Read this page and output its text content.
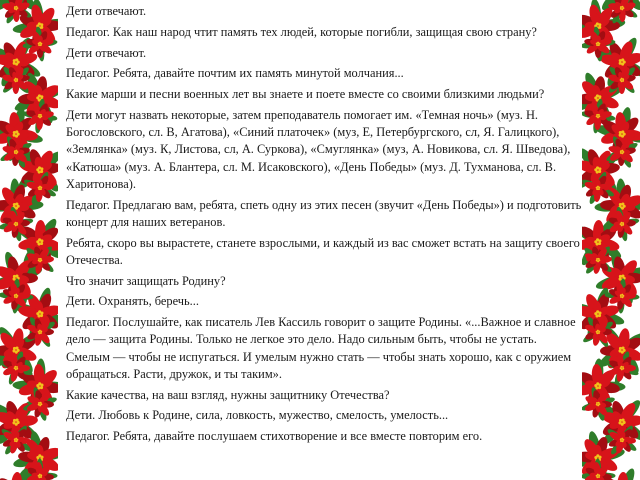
Дети отвечают.

Педагог. Как наш народ чтит память тех людей, которые погибли, защищая свою страну?

Дети отвечают.

Педагог. Ребята, давайте почтим их память минутой молчания...

Какие марши и песни военных лет вы знаете и поете вместе со своими близкими людьми?

Дети могут назвать некоторые, затем преподаватель помогает им. «Темная ночь» (муз. Н. Богословского, сл. В, Агатова), «Синий платочек» (муз, Е, Петербургского, сл, Я. Галицкого), «Землянка» (муз. К, Листова, сл, А. Суркова), «Смуглянка» (муз, А. Новикова, сл. Я. Шведова), «Катюша» (муз. А. Блантера, сл. М. Исаковского), «День Победы» (муз. Д. Тухманова, сл. В. Харитонова).

Педагог. Предлагаю вам, ребята, спеть одну из этих песен (звучит «День Победы») и подготовить концерт для наших ветеранов.

Ребята, скоро вы вырастете, станете взрослыми, и каждый из вас сможет встать на защиту своего Отечества.

Что значит защищать Родину?

Дети. Охранять, беречь...

Педагог. Послушайте, как писатель Лев Кассиль говорит о защите Родины. «...Важное и славное дело — защита Родины. Только не легкое это дело. Надо сильным быть, чтобы не устать. Смелым — чтобы не испугаться. И умелым нужно стать — чтобы знать хорошо, как с оружием обращаться. Расти, дружок, и ты таким».

Какие качества, на ваш взгляд, нужны защитнику Отечества?

Дети. Любовь к Родине, сила, ловкость, мужество, смелость, умелость...

Педагог. Ребята, давайте послушаем стихотворение и все вместе повторим его.
